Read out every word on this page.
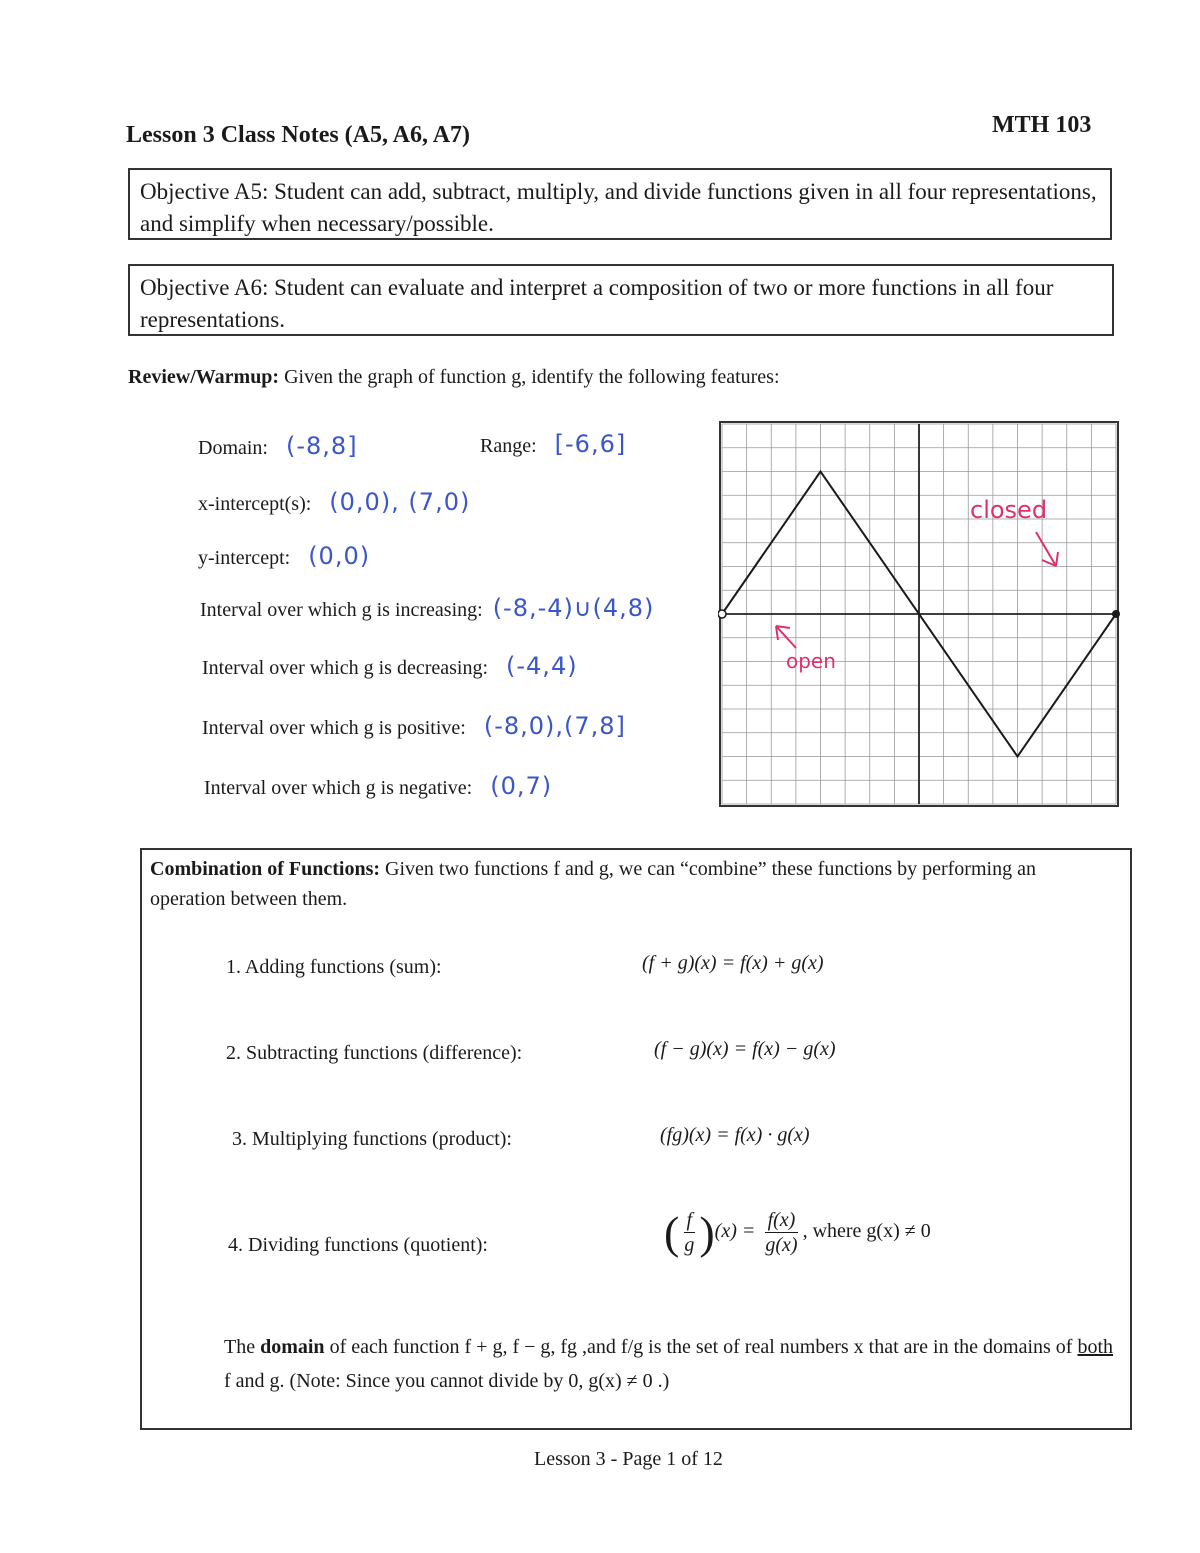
Lesson 3 Class Notes (A5, A6, A7)	MTH 103
Objective A5: Student can add, subtract, multiply, and divide functions given in all four representations, and simplify when necessary/possible.
Objective A6: Student can evaluate and interpret a composition of two or more functions in all four representations.
Review/Warmup: Given the graph of function g, identify the following features:
Domain: (-8,8]	Range: [-6,6]
x-intercept(s): (0,0), (7,0)
y-intercept: (0,0)
Interval over which g is increasing: (-8,-4)∪(4,8)
Interval over which g is decreasing: (-4,4)
Interval over which g is positive: (-8,0),(7,8]
Interval over which g is negative: (0,7)
closed
open
Combination of Functions: Given two functions f and g, we can “combine” these functions by performing an operation between them.
1. Adding functions (sum):	(f + g)(x) = f(x) + g(x)
2. Subtracting functions (difference):	(f − g)(x) = f(x) − g(x)
3. Multiplying functions (product):	(fg)(x) = f(x) · g(x)
4. Dividing functions (quotient):	( $\frac{f}{g} )(x) = \frac{f(x)}{g(x)}$ , where g(x) ≠ 0
The domain of each function f + g, f − g, fg ,and f/g is the set of real numbers x that are in the domains of both f and g. (Note: Since you cannot divide by 0, g(x) ≠ 0 .)
Lesson 3 - Page 1 of 12
